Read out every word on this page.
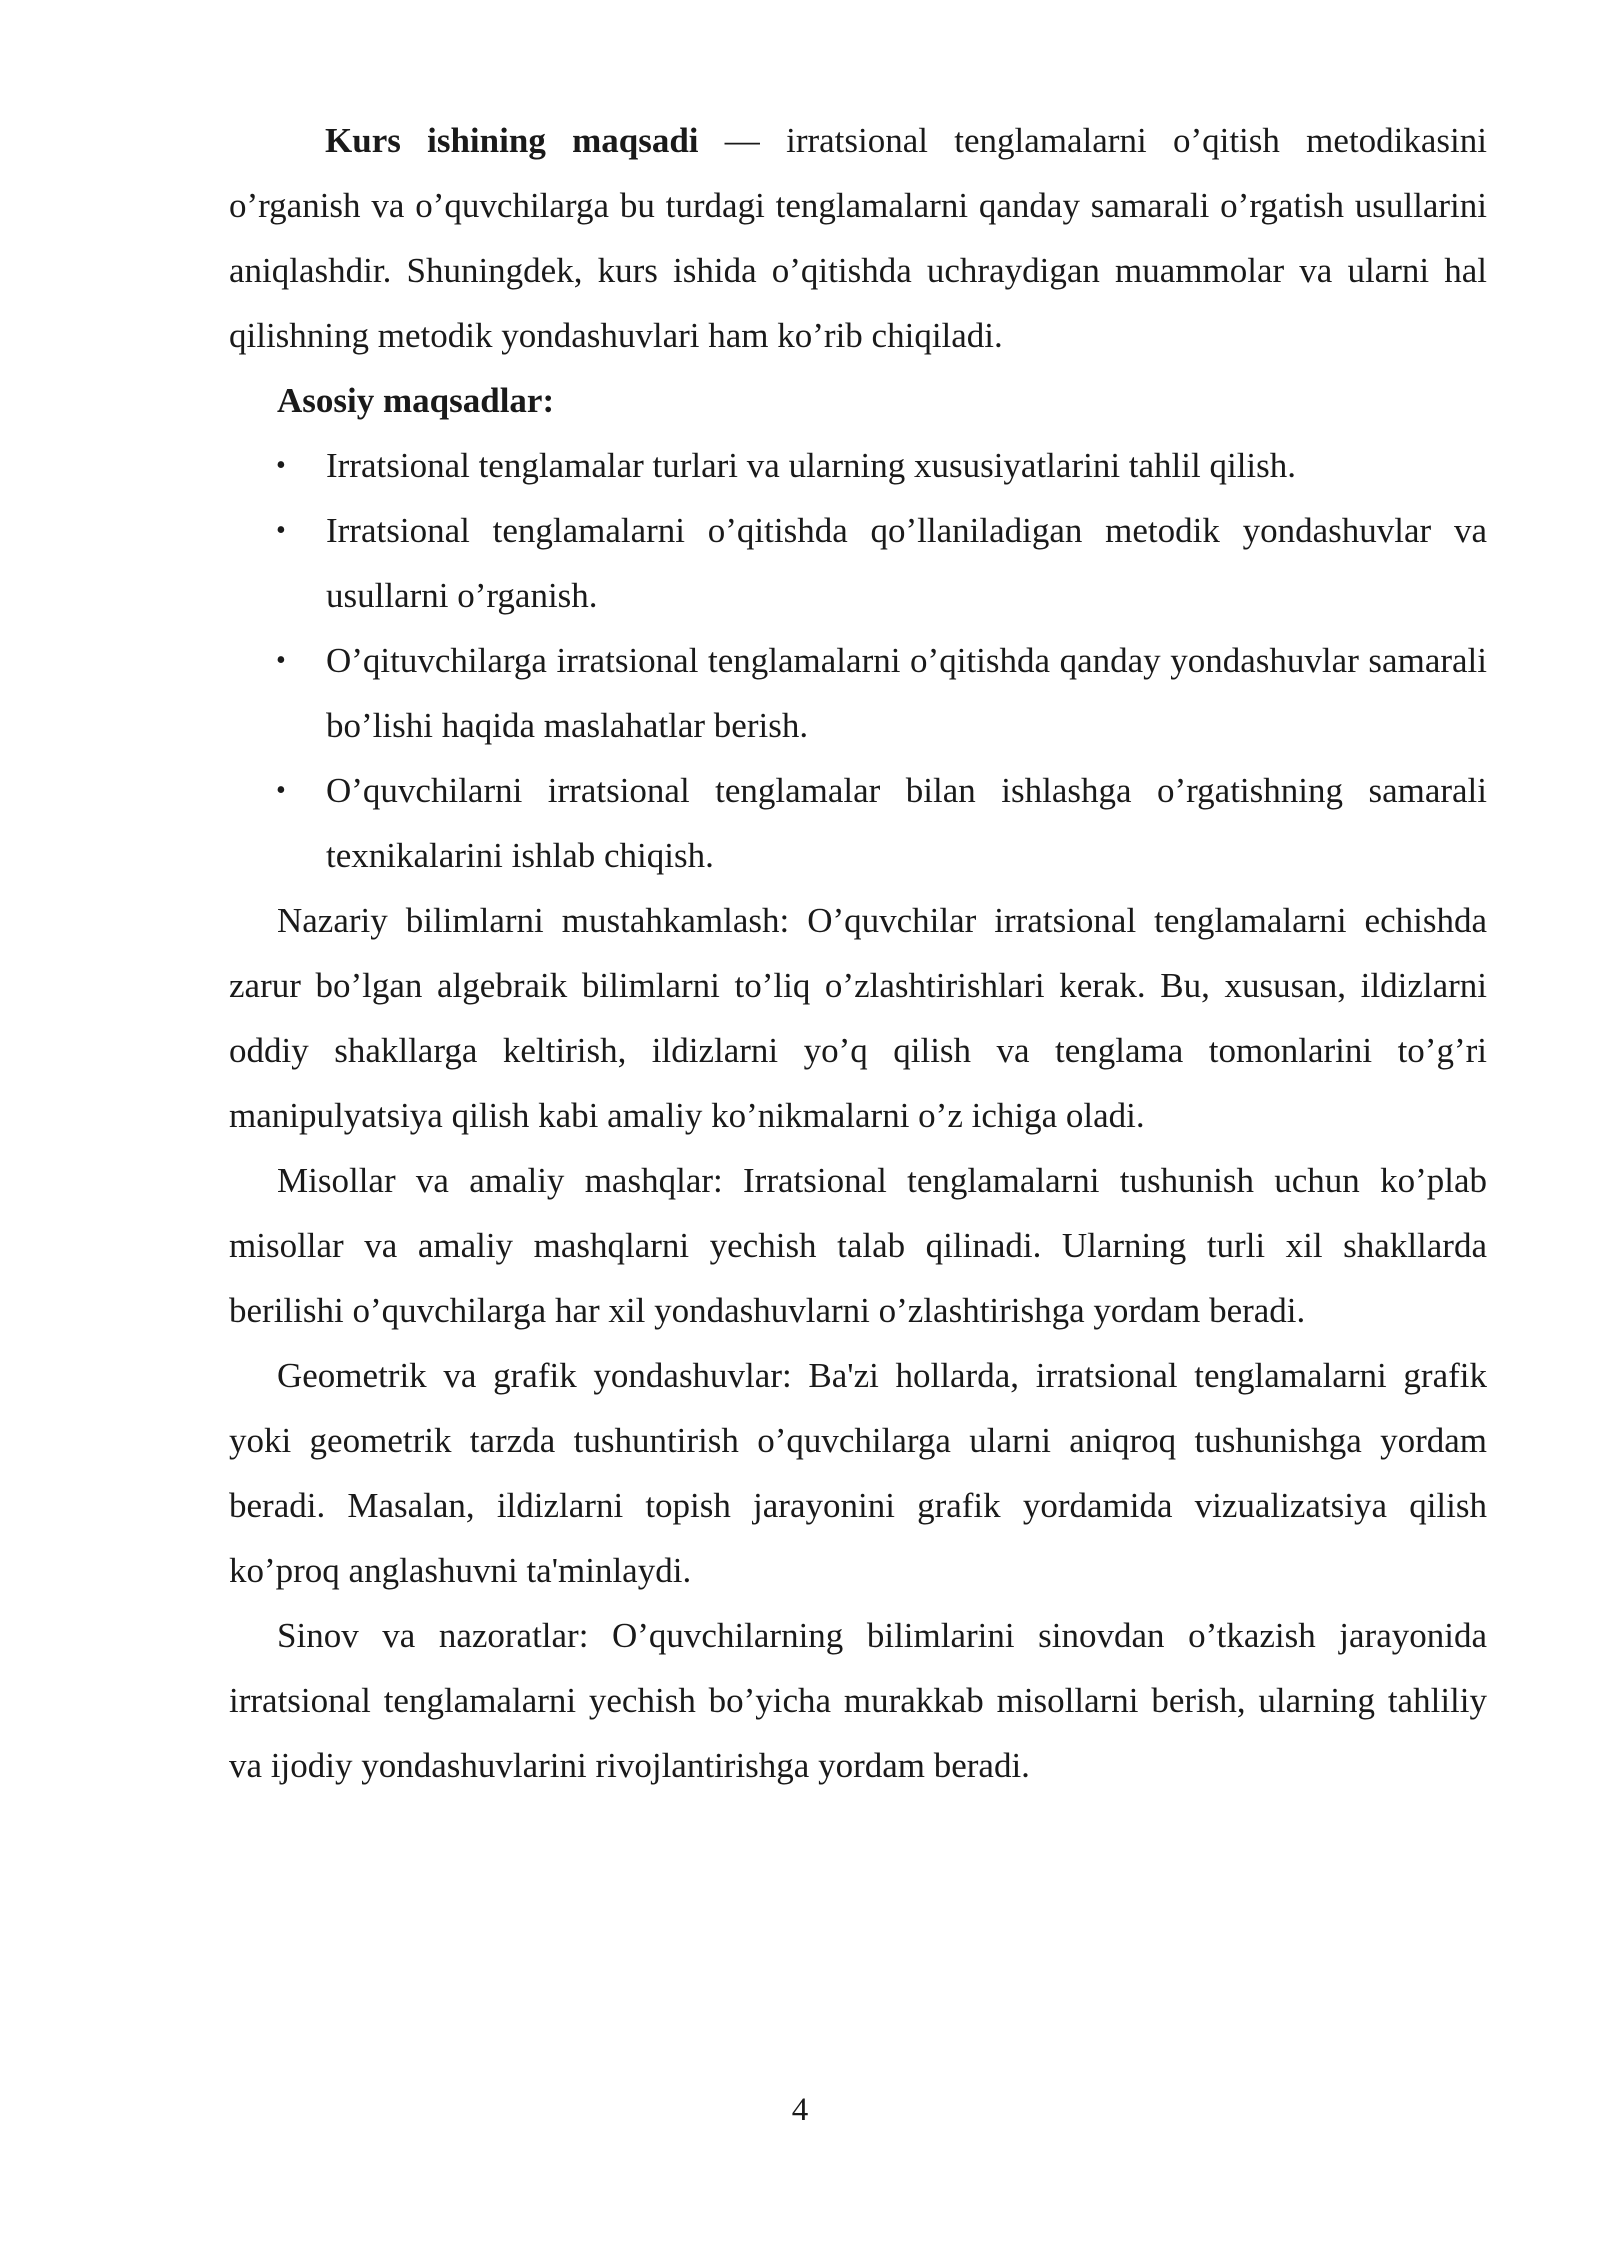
Kurs ishining maqsadi — irratsional tenglamalarni o’qitish metodikasini o’rganish va o’quvchilarga bu turdagi tenglamalarni qanday samarali o’rgatish usullarini aniqlashdir. Shuningdek, kurs ishida o’qitishda uchraydigan muammolar va ularni hal qilishning metodik yondashuvlari ham ko’rib chiqiladi.

Asosiy maqsadlar:
• Irratsional tenglamalar turlari va ularning xususiyatlarini tahlil qilish.
• Irratsional tenglamalarni o’qitishda qo’llaniladigan metodik yondashuvlar va usullarni o’rganish.
• O’qituvchilarga irratsional tenglamalarni o’qitishda qanday yondashuvlar samarali bo’lishi haqida maslahatlar berish.
• O’quvchilarni irratsional tenglamalar bilan ishlashga o’rgatishning samarali texnikalarini ishlab chiqish.

Nazariy bilimlarni mustahkamlash: O’quvchilar irratsional tenglamalarni echishda zarur bo’lgan algebraik bilimlarni to’liq o’zlashtirishlari kerak. Bu, xususan, ildizlarni oddiy shakllarga keltirish, ildizlarni yo’q qilish va tenglama tomonlarini to’g’ri manipulyatsiya qilish kabi amaliy ko’nikmalarni o’z ichiga oladi.

Misollar va amaliy mashqlar: Irratsional tenglamalarni tushunish uchun ko’plab misollar va amaliy mashqlarni yechish talab qilinadi. Ularning turli xil shakllarda berilishi o’quvchilarga har xil yondashuvlarni o’zlashtirishga yordam beradi.

Geometrik va grafik yondashuvlar: Ba'zi hollarda, irratsional tenglamalarni grafik yoki geometrik tarzda tushuntirish o’quvchilarga ularni aniqroq tushunishga yordam beradi. Masalan, ildizlarni topish jarayonini grafik yordamida vizualizatsiya qilish ko’proq anglashuvni ta'minlaydi.

Sinov va nazoratlar: O’quvchilarning bilimlarini sinovdan o’tkazish jarayonida irratsional tenglamalarni yechish bo’yicha murakkab misollarni berish, ularning tahliliy va ijodiy yondashuvlarini rivojlantirishga yordam beradi.

4
